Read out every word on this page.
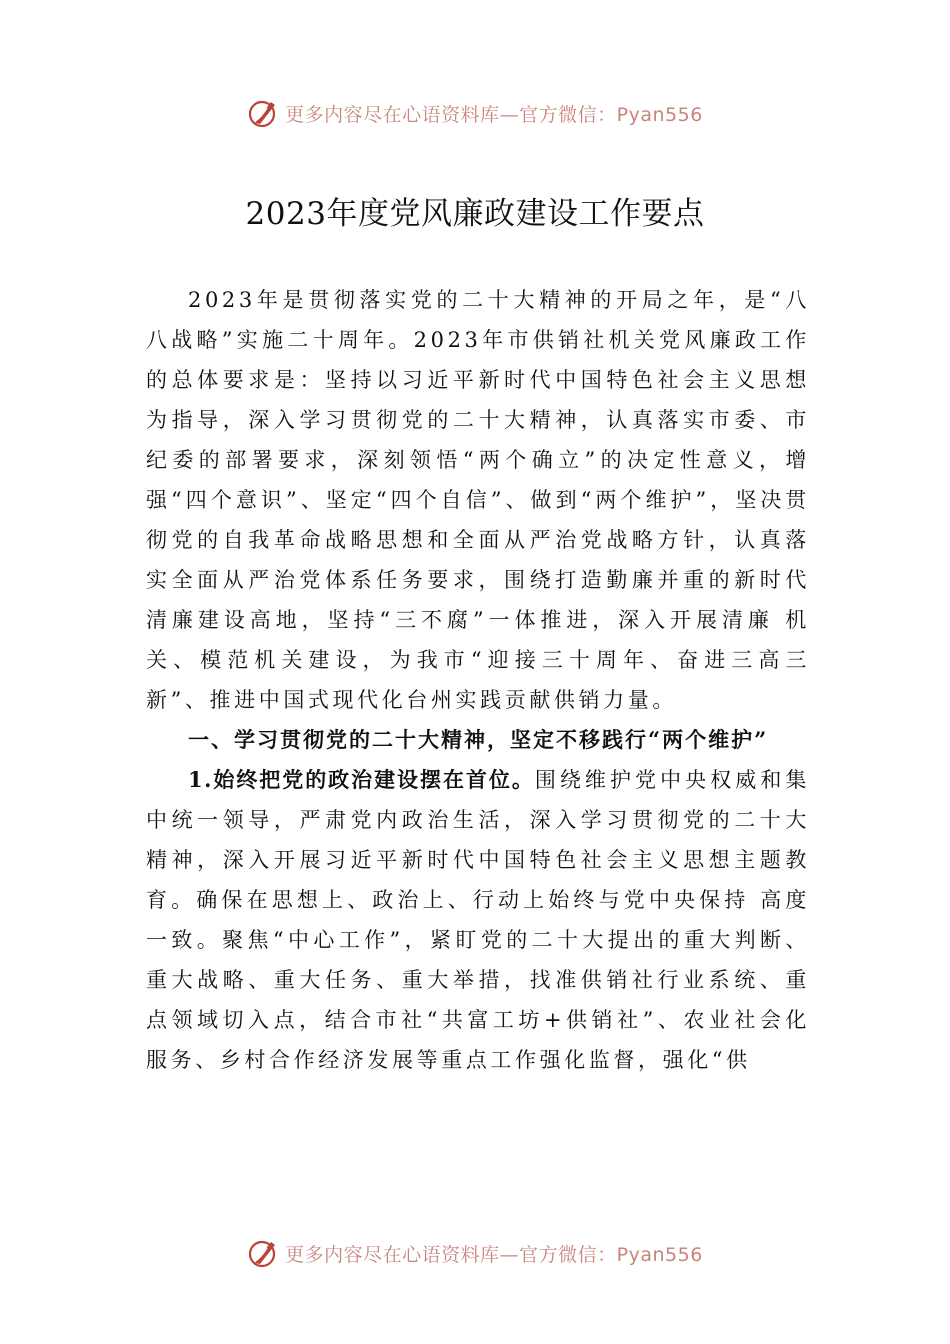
更多内容尽在心语资料库— 官方微信：Pyan556
2023年度党风廉政建设工作要点

2023年是贯彻落实党的二十大精神的开局之年，是“八八战略”实施二十周年。2023年市供销社机关党风廉政工作的总体要求是：坚持以习近平新时代中国特色社会主义思想为指导，深入学习贯彻党的二十大精神，认真落实市委、市纪委的部署要求，深刻领悟“两个确立”的决定性意义，增强“四个意识”、坚定“四个自信”、做到“两个维护”，坚决贯彻党的自我革命战略思想和全面从严治党战略方针，认真落实全面从严治党体系任务要求，围绕打造勤廉并重的新时代清廉建设高地，坚持“三不腐”一体推进，深入开展清廉 机关、模范机关建设，为我市“迎接三十周年、奋进三高三新”、推进中国式现代化台州实践贡献供销力量。

一、学习贯彻党的二十大精神，坚定不移践行“两个维护”

1.始终把党的政治建设摆在首位。围绕维护党中央权威和集中统一领导，严肃党内政治生活，深入学习贯彻党的二十大精神，深入开展习近平新时代中国特色社会主义思想主题教育。确保在思想上、政治上、行动上始终与党中央保持 高度一致。聚焦“中心工作”，紧盯党的二十大提出的重大判断、重大战略、重大任务、重大举措，找准供销社行业系统、重点领域切入点，结合市社“共富工坊+供销社”、农业社会化服务、乡村合作经济发展等重点工作强化监督，强化“供

更多内容尽在心语资料库— 官方微信：Pyan556
